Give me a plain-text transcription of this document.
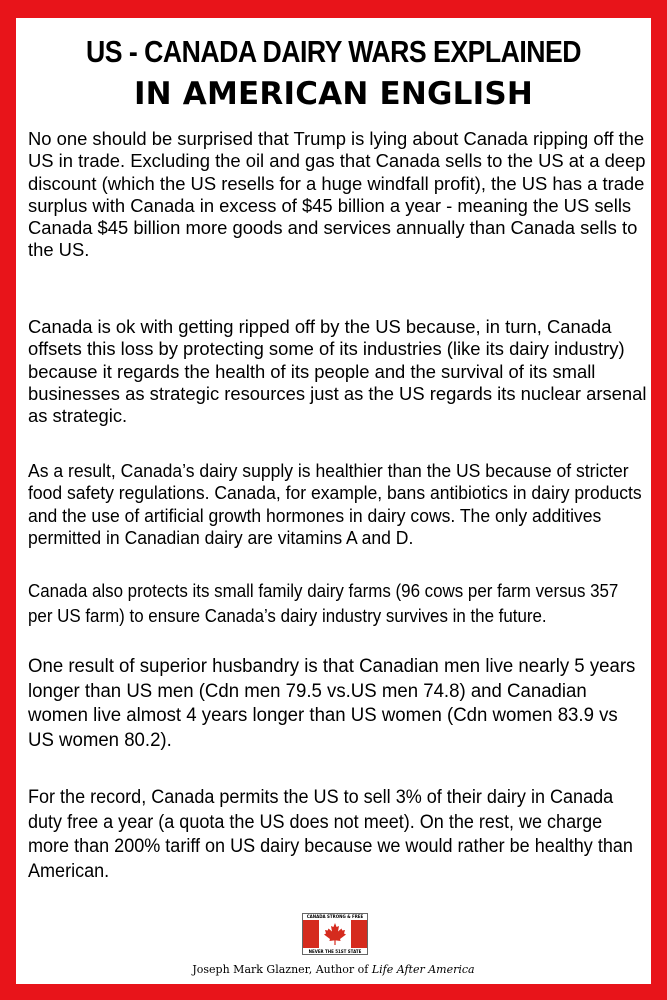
US - CANADA DAIRY WARS EXPLAINED
IN AMERICAN ENGLISH

No one should be surprised that Trump is lying about Canada ripping off the US in trade. Excluding the oil and gas that Canada sells to the US at a deep discount (which the US resells for a huge windfall profit), the US has a trade surplus with Canada in excess of $45 billion a year - meaning the US sells Canada $45 billion more goods and services annually than Canada sells to the US.

Canada is ok with getting ripped off by the US because, in turn, Canada offsets this loss by protecting some of its industries (like its dairy industry) because it regards the health of its people and the survival of its small businesses as strategic resources just as the US regards its nuclear arsenal as strategic.

As a result, Canada’s dairy supply is healthier than the US because of stricter food safety regulations. Canada, for example, bans antibiotics in dairy products and the use of artificial growth hormones in dairy cows. The only additives permitted in Canadian dairy are vitamins A and D.

Canada also protects its small family dairy farms (96 cows per farm versus 357 per US farm) to ensure Canada’s dairy industry survives in the future.

One result of superior husbandry is that Canadian men live nearly 5 years longer than US men (Cdn men 79.5 vs.US men 74.8) and Canadian women live almost 4 years longer than US women (Cdn women 83.9 vs US women 80.2).

For the record, Canada permits the US to sell 3% of their dairy in Canada duty free a year (a quota the US does not meet). On the rest, we charge more than 200% tariff on US dairy because we would rather be healthy than American.

CANADA STRONG & FREE
NEVER THE 51ST STATE
Joseph Mark Glazner, Author of Life After America
